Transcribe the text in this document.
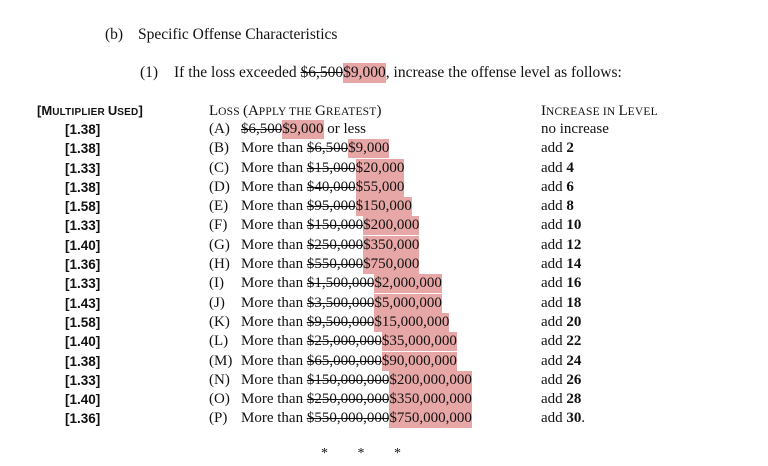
(b) Specific Offense Characteristics
(1) If the loss exceeded $6,500$9,000, increase the offense level as follows:
[MULTIPLIER USED]	LOSS (APPLY THE GREATEST)	INCREASE IN LEVEL
[1.38]	(A) $6,500$9,000 or less	no increase
[1.38]	(B) More than $6,500$9,000	add 2
[1.33]	(C) More than $15,000$20,000	add 4
[1.38]	(D) More than $40,000$55,000	add 6
[1.58]	(E) More than $95,000$150,000	add 8
[1.33]	(F) More than $150,000$200,000	add 10
[1.40]	(G) More than $250,000$350,000	add 12
[1.36]	(H) More than $550,000$750,000	add 14
[1.33]	(I) More than $1,500,000$2,000,000	add 16
[1.43]	(J) More than $3,500,000$5,000,000	add 18
[1.58]	(K) More than $9,500,000$15,000,000	add 20
[1.40]	(L) More than $25,000,000$35,000,000	add 22
[1.38]	(M) More than $65,000,000$90,000,000	add 24
[1.33]	(N) More than $150,000,000$200,000,000	add 26
[1.40]	(O) More than $250,000,000$350,000,000	add 28
[1.36]	(P) More than $550,000,000$750,000,000	add 30.
* * *
